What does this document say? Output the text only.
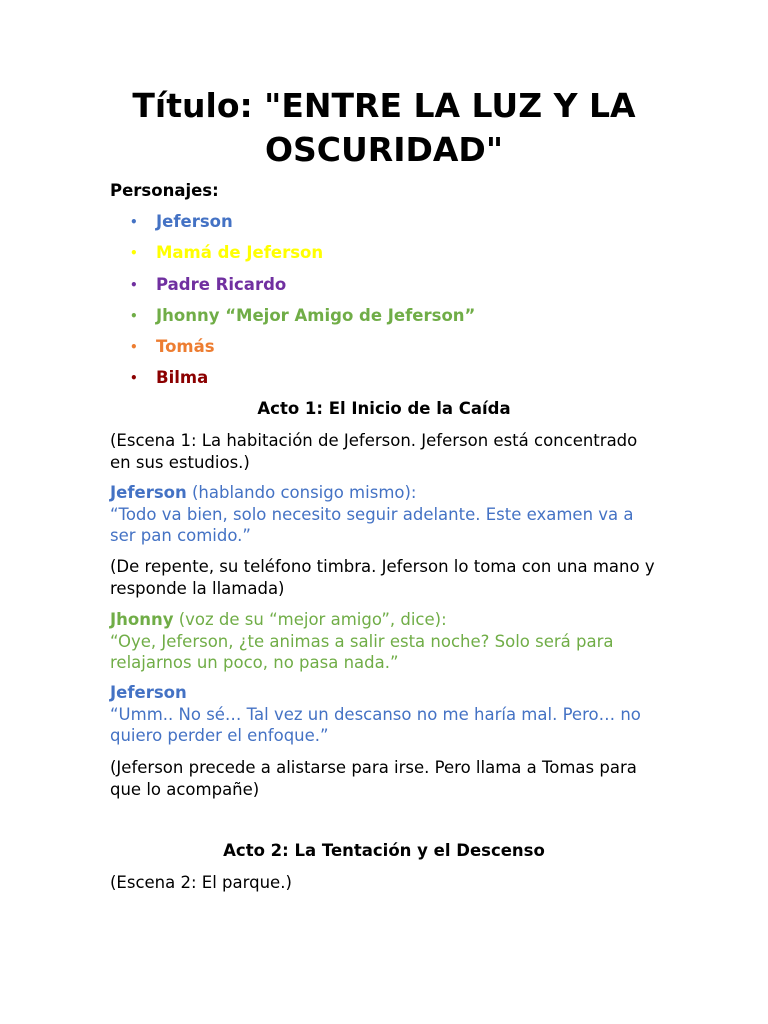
Título: "ENTRE LA LUZ Y LA OSCURIDAD"

Personajes:

• Jeferson
• Mamá de Jeferson
• Padre Ricardo
• Jhonny “Mejor Amigo de Jeferson”
• Tomás
• Bilma
Acto 1: El Inicio de la Caída

(Escena 1: La habitación de Jeferson. Jeferson está concentrado en sus estudios.)

Jeferson (hablando consigo mismo):
“Todo va bien, solo necesito seguir adelante. Este examen va a ser pan comido.”

(De repente, su teléfono timbra. Jeferson lo toma con una mano y responde la llamada)

Jhonny (voz de su “mejor amigo”, dice):
“Oye, Jeferson, ¿te animas a salir esta noche? Solo será para relajarnos un poco, no pasa nada.”

Jeferson
“Umm.. No sé… Tal vez un descanso no me haría mal. Pero… no quiero perder el enfoque.”

(Jeferson precede a alistarse para irse. Pero llama a Tomas para que lo acompañe)

Acto 2: La Tentación y el Descenso

(Escena 2: El parque.)
